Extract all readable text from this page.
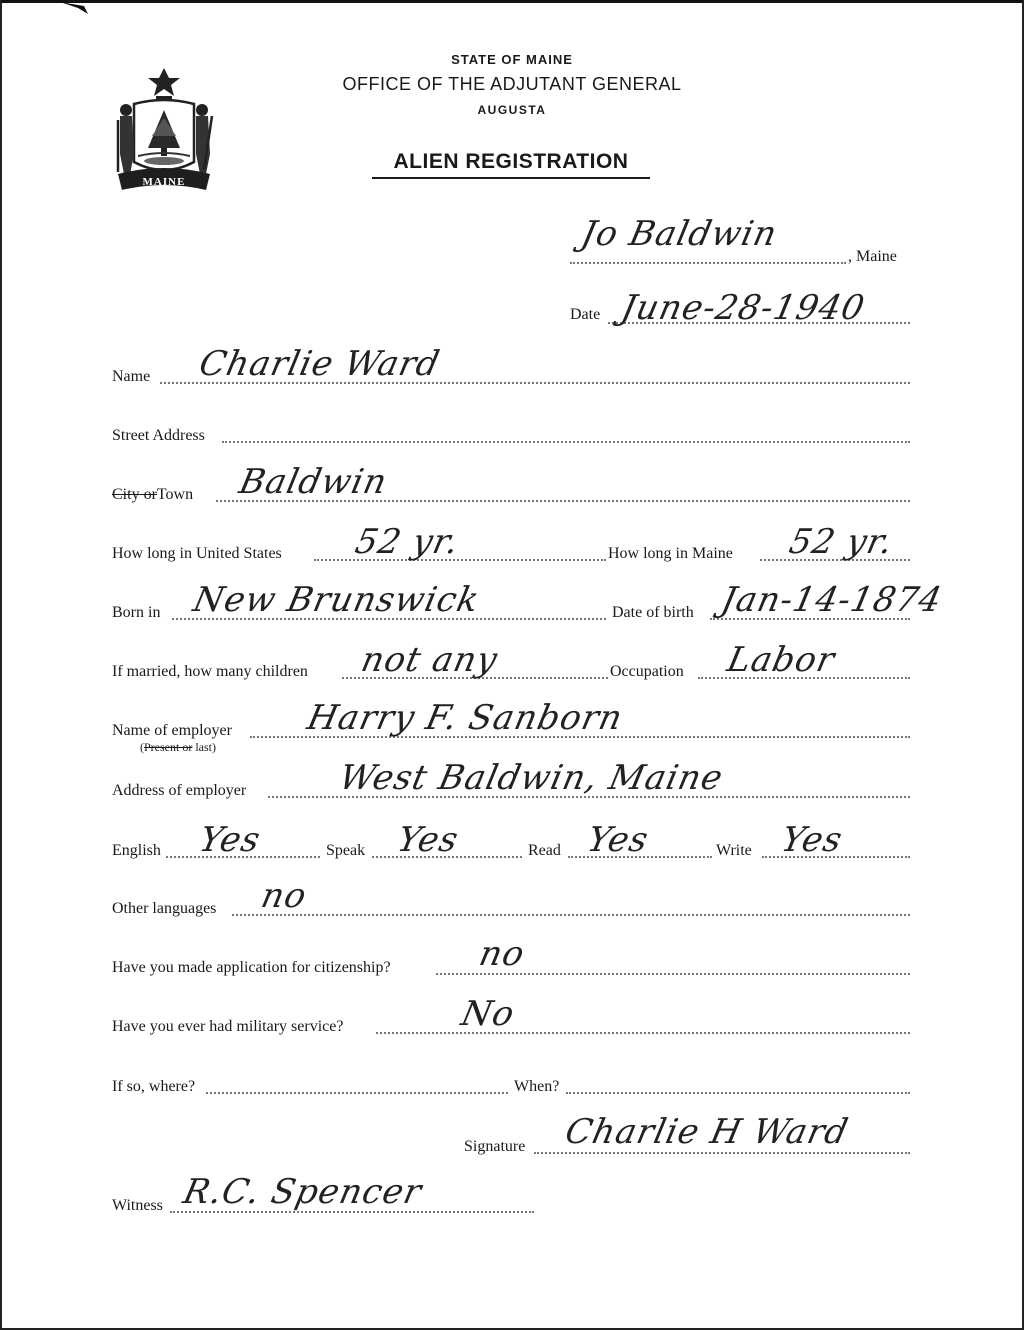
MAINE
STATE OF MAINE
OFFICE OF THE ADJUTANT GENERAL
AUGUSTA
ALIEN REGISTRATION
Jo Baldwin
, Maine
Date June-28-1940
Name Charlie Ward
Street Address
City orTown Baldwin
How long in United States 52 yr.	How long in Maine 52 yr.
Born in New Brunswick	Date of birth Jan-14-1874
If married, how many children not any	Occupation Labor
Name of employer
(Present or last)
Harry F. Sanborn
Address of employer	West Baldwin, Maine
English Yes	Speak Yes	Read Yes	Write Yes
Other languages no
Have you made application for citizenship?	no
Have you ever had military service?	No
If so, where?	When?
Signature Charlie H Ward
Witness R.C. Spencer
